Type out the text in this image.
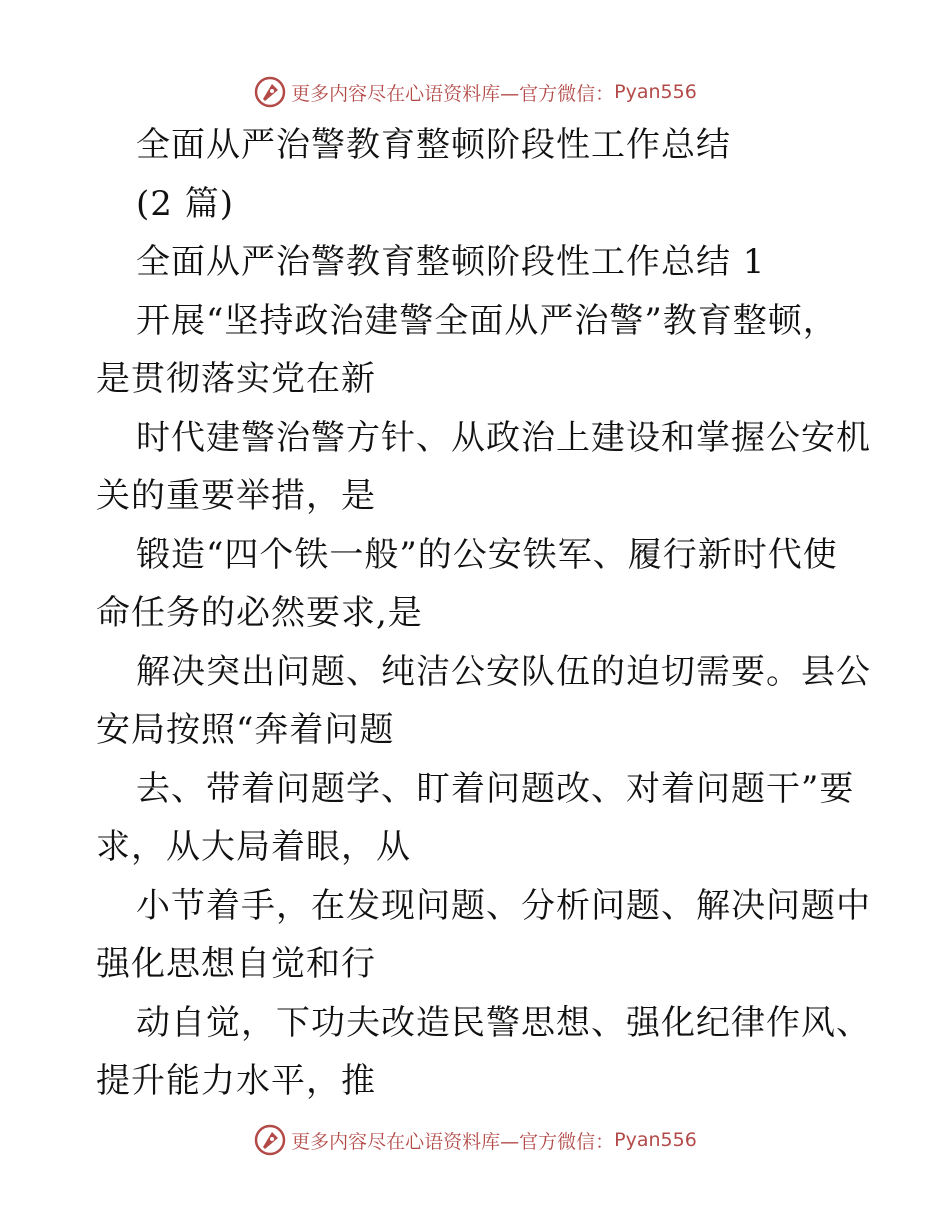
更多内容尽在心语资料库—官方微信： Pyan556
全面从严治警教育整顿阶段性工作总结
(2 篇)
全面从严治警教育整顿阶段性工作总结 1
开展“坚持政治建警全面从严治警”教育整顿，
是贯彻落实党在新
时代建警治警方针、从政治上建设和掌握公安机
关的重要举措，是
锻造“四个铁一般”的公安铁军、履行新时代使
命任务的必然要求,是
解决突出问题、纯洁公安队伍的迫切需要。县公
安局按照“奔着问题
去、带着问题学、盯着问题改、对着问题干”要
求，从大局着眼，从
小节着手，在发现问题、分析问题、解决问题中
强化思想自觉和行
动自觉，下功夫改造民警思想、强化纪律作风、
提升能力水平，推
更多内容尽在心语资料库—官方微信： Pyan556
